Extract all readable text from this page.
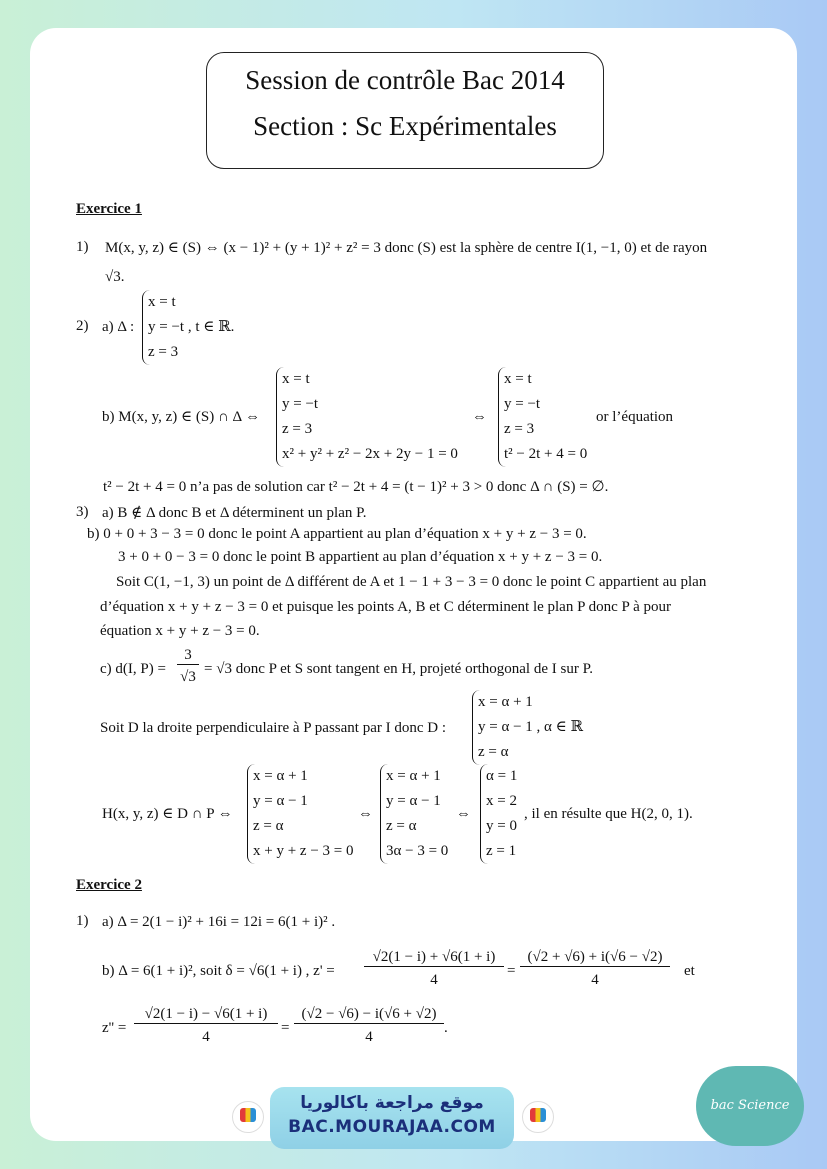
Session de contrôle Bac 2014
Section : Sc Expérimentales
Exercice 1
1) M(x, y, z) ∈ (S) ⇔ (x − 1)² + (y + 1)² + z² = 3 donc (S) est la sphère de centre I(1, −1, 0) et de rayon
√3.
2) a) Δ :
x = t
y = −t , t ∈ ℝ.
z = 3
b) M(x, y, z) ∈ (S) ∩ Δ ⇔
x = t
y = −t
z = 3
x² + y² + z² − 2x + 2y − 1 = 0
⇔
x = t
y = −t
z = 3
t² − 2t + 4 = 0
or l’équation
t² − 2t + 4 = 0 n’a pas de solution car t² − 2t + 4 = (t − 1)² + 3 > 0 donc Δ ∩ (S) = ∅.
3) a) B ∉ Δ donc B et Δ déterminent un plan P.
b) 0 + 0 + 3 − 3 = 0 donc le point A appartient au plan d’équation x + y + z − 3 = 0.
3 + 0 + 0 − 3 = 0 donc le point B appartient au plan d’équation x + y + z − 3 = 0.
Soit C(1, −1, 3) un point de Δ différent de A et 1 − 1 + 3 − 3 = 0 donc le point C appartient au plan
d’équation x + y + z − 3 = 0 et puisque les points A, B et C déterminent le plan P donc P à pour
équation x + y + z − 3 = 0.
c) d(I, P) =
3
√3 = √3 donc P et S sont tangent en H, projeté orthogonal de I sur P.
Soit D la droite perpendiculaire à P passant par I donc D :
x = α + 1
y = α − 1 , α ∈ ℝ
z = α
H(x, y, z) ∈ D ∩ P ⇔
x = α + 1
y = α − 1
z = α
x + y + z − 3 = 0
⇔
x = α + 1
y = α − 1
z = α
3α − 3 = 0
⇔
α = 1
x = 2
y = 0
z = 1
, il en résulte que H(2, 0, 1).
Exercice 2
1) a) Δ = 2(1 − i)² + 16i = 12i = 6(1 + i)² .
b) Δ = 6(1 + i)², soit δ = √6(1 + i) , z' =
√2(1 − i) + √6(1 + i)
4
=
(√2 + √6) + i(√6 − √2)
4
et
z'' =
√2(1 − i) − √6(1 + i)
4
=
(√2 − √6) − i(√6 + √2)
4
.
موقع مراجعة باكالوريا
BAC.MOURAJAA.COM
bac Science
